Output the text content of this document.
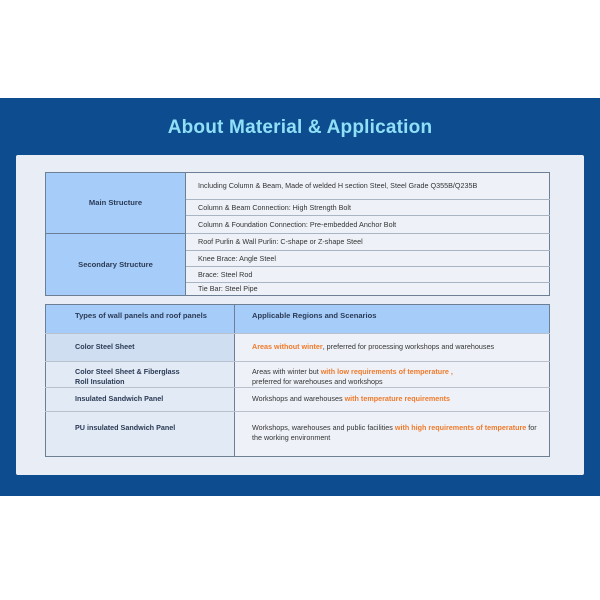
About Material & Application
Main Structure	Including Column & Beam, Made of welded H section Steel, Steel Grade Q355B/Q235B
	Column & Beam Connection: High Strength Bolt
	Column & Foundation Connection: Pre-embedded Anchor Bolt
Secondary Structure	Roof Purlin & Wall Purlin: C-shape or Z-shape Steel
	Knee Brace: Angle Steel
	Brace: Steel Rod
	Tie Bar: Steel Pipe
Types of wall panels and roof panels	Applicable Regions and Scenarios
Color Steel Sheet	Areas without winter, preferred for processing workshops and warehouses
Color Steel Sheet & Fiberglass Roll Insulation	Areas with winter but with low requirements of temperature ,
preferred for warehouses and workshops
Insulated Sandwich Panel	Workshops and warehouses with temperature requirements
PU insulated Sandwich Panel	Workshops, warehouses and public facilities with high requirements of temperature for the working environment
